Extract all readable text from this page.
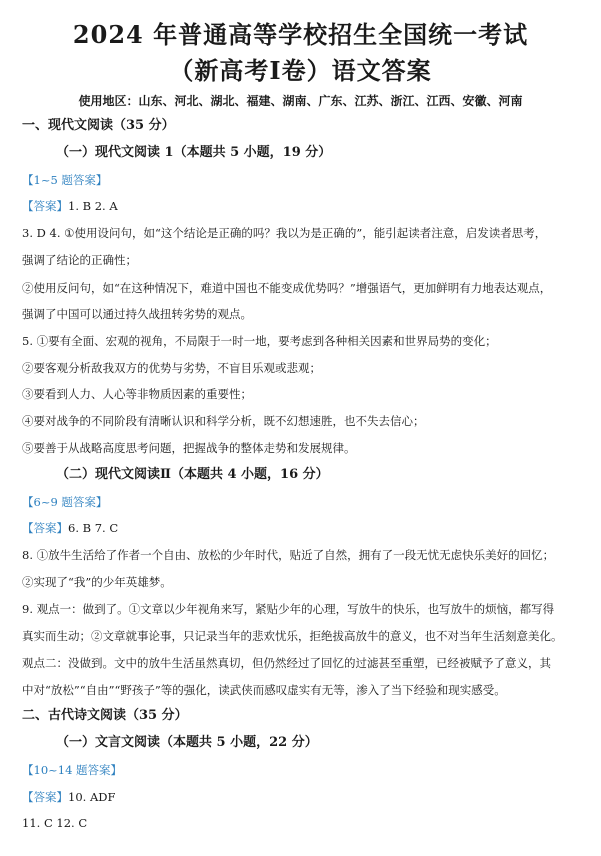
2024 年普通高等学校招生全国统一考试
（新高考Ⅰ卷）语文答案
使用地区：山东、河北、湖北、福建、湖南、广东、江苏、浙江、江西、安徽、河南
一、现代文阅读（35 分）
（一）现代文阅读 1（本题共 5 小题，19 分）
【1~5 题答案】
【答案】1. B 2. A
3. D 4. ①使用设问句，如“这个结论是正确的吗？我以为是正确的”，能引起读者注意，启发读者思考，
强调了结论的正确性；
②使用反问句，如“在这种情况下，难道中国也不能变成优势吗？”增强语气，更加鲜明有力地表达观点，
强调了中国可以通过持久战扭转劣势的观点。
5. ①要有全面、宏观的视角，不局限于一时一地，要考虑到各种相关因素和世界局势的变化；
②要客观分析敌我双方的优势与劣势，不盲目乐观或悲观；
③要看到人力、人心等非物质因素的重要性；
④要对战争的不同阶段有清晰认识和科学分析，既不幻想速胜，也不失去信心；
⑤要善于从战略高度思考问题，把握战争的整体走势和发展规律。
（二）现代文阅读Ⅱ（本题共 4 小题，16 分）
【6~9 题答案】
【答案】6. B 7. C
8. ①放牛生活给了作者一个自由、放松的少年时代，贴近了自然，拥有了一段无忧无虑快乐美好的回忆；
②实现了“我”的少年英雄梦。
9. 观点一：做到了。①文章以少年视角来写，紧贴少年的心理，写放牛的快乐，也写放牛的烦恼，都写得
真实而生动；②文章就事论事，只记录当年的悲欢忧乐，拒绝拔高放牛的意义，也不对当年生活刻意美化。
观点二：没做到。文中的放牛生活虽然真切，但仍然经过了回忆的过滤甚至重塑，已经被赋予了意义，其
中对“放松”“自由”“野孩子”等的强化，读武侠而感叹虚实有无等，渗入了当下经验和现实感受。
二、古代诗文阅读（35 分）
（一）文言文阅读（本题共 5 小题，22 分）
【10~14 题答案】
【答案】10. ADF
11. C 12. C
